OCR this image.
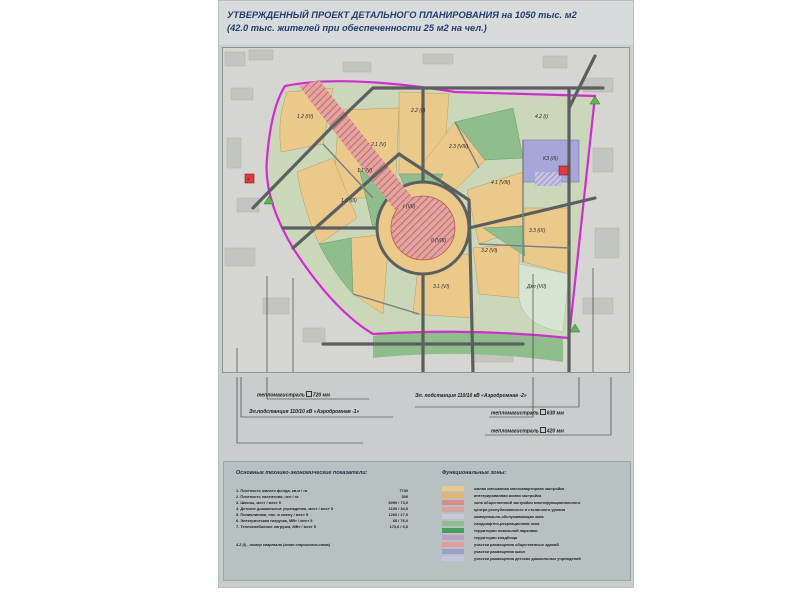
УТВЕРЖДЕННЫЙ ПРОЕКТ ДЕТАЛЬНОГО ПЛАНИРОВАНИЯ на 1050 тыс. м2
(42.0 тыс. жителей при обеспеченности 25 м2 на чел.)
+
1.2 (IV)
2.2 (II)
2.1 (V)
1.1 (V)
2.3 (VIII)
4.2 (I)
КЗ (III)
4.1 (VIII)
I (VII)
II (VIII)
1.3 (III)
3.3 (IX)
3.2 (VI)
3.1 (VI)	Дкп (VII)
теплoмагистраль 720 мм	Эл. подстанция 110/10 кВ «Аэродромная -2»
Эл.подстанция 110/10 кВ «Аэродромная -1»	теплoмагистраль 630 мм
теплoмагистраль 420 мм
Основные технико-экономические показатели:	Функциональные зоны:
1. Плотность жилого фонда, кв.м / га	7730
2. Плотность населения, чел / га	309
3. Школы, мест / мест 5	6090 / 73,0
4. Детские дошкольные учреждения, мест / мест 5	2100 / 34,0
5. Поликлиники, пос. в смену / мест 5	1260 / 27,0
6. Электрическая нагрузка, МВт / мест 5	65 / 76,0
7. Теплоснабжение нагрузка, МВт / мест 5	173,6 / 6,6
4.2 (I) - номер квартала (этап строительства)
жилая смешанная многоквартирная застройка
интегрированная жилая застройка
зона общественной застройки многофункционального
центра республиканского и столичного уровня
коммунально-обслуживающая зона
ландшафтно-рекреационная зона
территории локальной парковки
территории кладбища
участки размещения общественных зданий
участки размещения школ
участки размещения детских дошкольных учреждений
